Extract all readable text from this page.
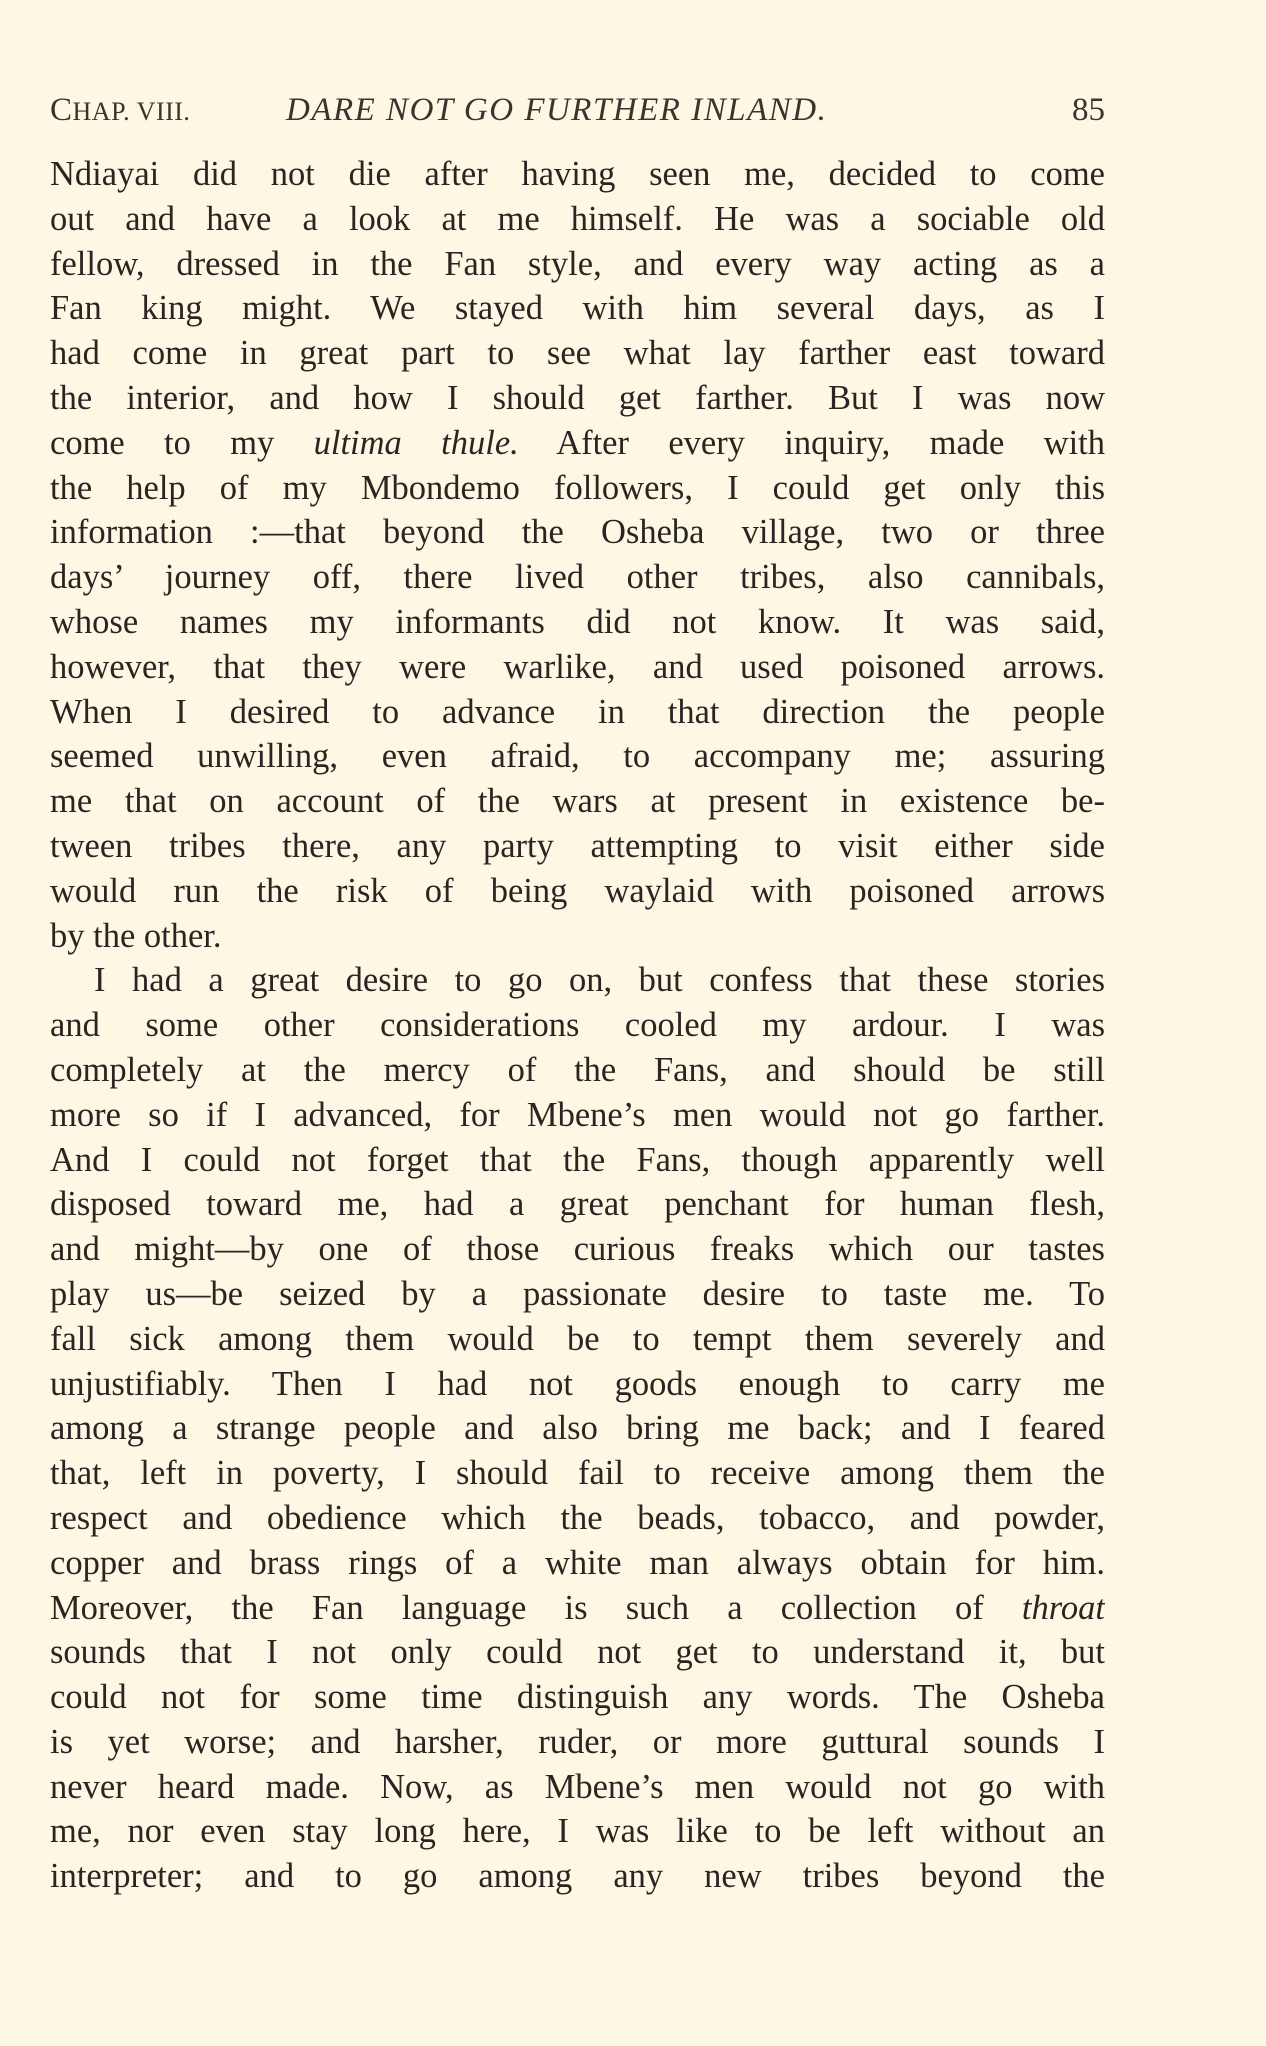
CHAP. VIII.	DARE NOT GO FURTHER INLAND.	85
Ndiayai did not die after having seen me, decided to come
out and have a look at me himself. He was a sociable old
fellow, dressed in the Fan style, and every way acting as a
Fan king might. We stayed with him several days, as I
had come in great part to see what lay farther east toward
the interior, and how I should get farther. But I was now
come to my ultima thule. After every inquiry, made with
the help of my Mbondemo followers, I could get only this
information :—that beyond the Osheba village, two or three
days’ journey off, there lived other tribes, also cannibals,
whose names my informants did not know. It was said,
however, that they were warlike, and used poisoned arrows.
When I desired to advance in that direction the people
seemed unwilling, even afraid, to accompany me; assuring
me that on account of the wars at present in existence be-
tween tribes there, any party attempting to visit either side
would run the risk of being waylaid with poisoned arrows
by the other.
I had a great desire to go on, but confess that these stories
and some other considerations cooled my ardour. I was
completely at the mercy of the Fans, and should be still
more so if I advanced, for Mbene’s men would not go farther.
And I could not forget that the Fans, though apparently well
disposed toward me, had a great penchant for human flesh,
and might—by one of those curious freaks which our tastes
play us—be seized by a passionate desire to taste me. To
fall sick among them would be to tempt them severely and
unjustifiably. Then I had not goods enough to carry me
among a strange people and also bring me back; and I feared
that, left in poverty, I should fail to receive among them the
respect and obedience which the beads, tobacco, and powder,
copper and brass rings of a white man always obtain for him.
Moreover, the Fan language is such a collection of throat
sounds that I not only could not get to understand it, but
could not for some time distinguish any words. The Osheba
is yet worse; and harsher, ruder, or more guttural sounds I
never heard made. Now, as Mbene’s men would not go with
me, nor even stay long here, I was like to be left without an
interpreter; and to go among any new tribes beyond the
